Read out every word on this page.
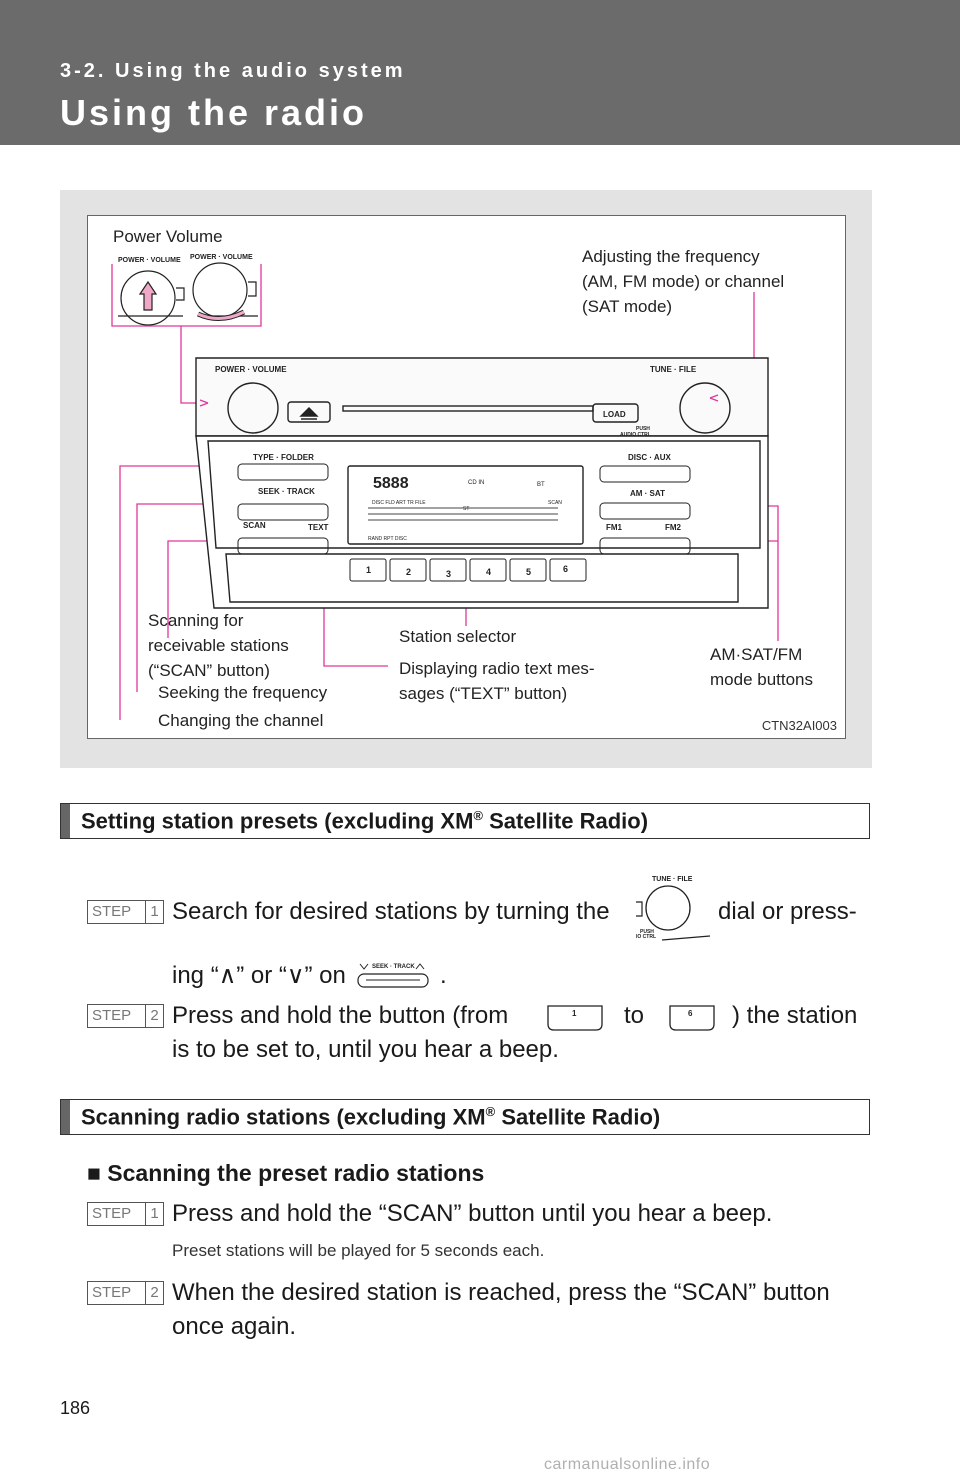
3-2. Using the audio system
Using the radio
POWER · VOLUME POWER · VOLUME
POWER · VOLUME	TUNE · FILE
LOAD
PUSH
AUDIO CTRL
TYPE · FOLDER
SEEK · TRACK
SCAN	TEXT
DISC · AUX
AM · SAT
FM1	FM2
5888	CD IN
ST
DISC FLD ART TR FILE	SCAN
RAND RPT DISC
BT
1	2	3	4	5	6
Power Volume
Adjusting the frequency
(AM, FM mode) or channel
(SAT mode)
Scanning for
receivable stations
(“SCAN” button)
Seeking the frequency
Changing the channel
Station selector
Displaying radio text mes-
sages (“TEXT” button)
AM·SAT/FM
mode buttons
CTN32AI003
Setting station presets (excluding XM® Satellite Radio)
STEP	1 Search for desired stations by turning the
TUNE · FILE
PUSH
IO CTRL
dial or press-
ing “∧” or “∨” on	SEEK · TRACK .
STEP	2 Press and hold the button (from	1 to	6 ) the station
is to be set to, until you hear a beep.
Scanning radio stations (excluding XM® Satellite Radio)
■ Scanning the preset radio stations
STEP	1 Press and hold the “SCAN” button until you hear a beep.
Preset stations will be played for 5 seconds each.
STEP	2 When the desired station is reached, press the “SCAN” button
once again.
186
carmanualsonline.info
